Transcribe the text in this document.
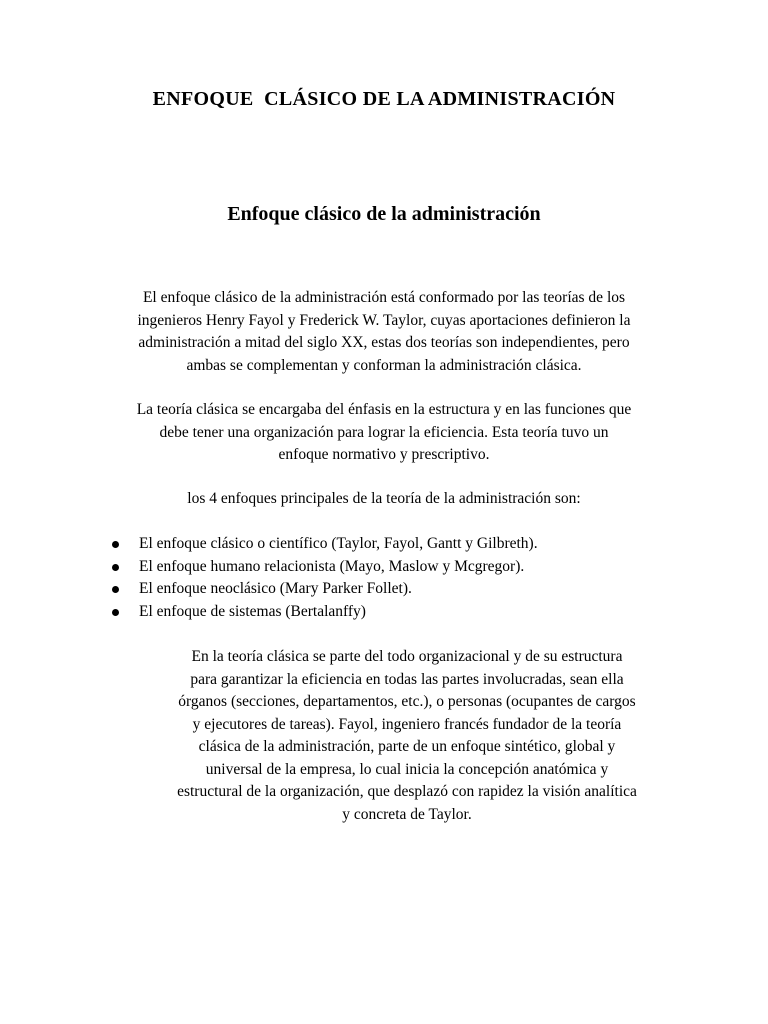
ENFOQUE  CLÁSICO DE LA ADMINISTRACIÓN
Enfoque clásico de la administración

El enfoque clásico de la administración está conformado por las teorías de los
ingenieros Henry Fayol y Frederick W. Taylor, cuyas aportaciones definieron la
administración a mitad del siglo XX, estas dos teorías son independientes, pero
ambas se complementan y conforman la administración clásica.

La teoría clásica se encargaba del énfasis en la estructura y en las funciones que
debe tener una organización para lograr la eficiencia. Esta teoría tuvo un
enfoque normativo y prescriptivo.

los 4 enfoques principales de la teoría de la administración son:

El enfoque clásico o científico (Taylor, Fayol, Gantt y Gilbreth).
El enfoque humano relacionista (Mayo, Maslow y Mcgregor).
El enfoque neoclásico (Mary Parker Follet).
El enfoque de sistemas (Bertalanffy)

En la teoría clásica se parte del todo organizacional y de su estructura
para garantizar la eficiencia en todas las partes involucradas, sean ella
órganos (secciones, departamentos, etc.), o personas (ocupantes de cargos
y ejecutores de tareas). Fayol, ingeniero francés fundador de la teoría
clásica de la administración, parte de un enfoque sintético, global y
universal de la empresa, lo cual inicia la concepción anatómica y
estructural de la organización, que desplazó con rapidez la visión analítica
y concreta de Taylor.
